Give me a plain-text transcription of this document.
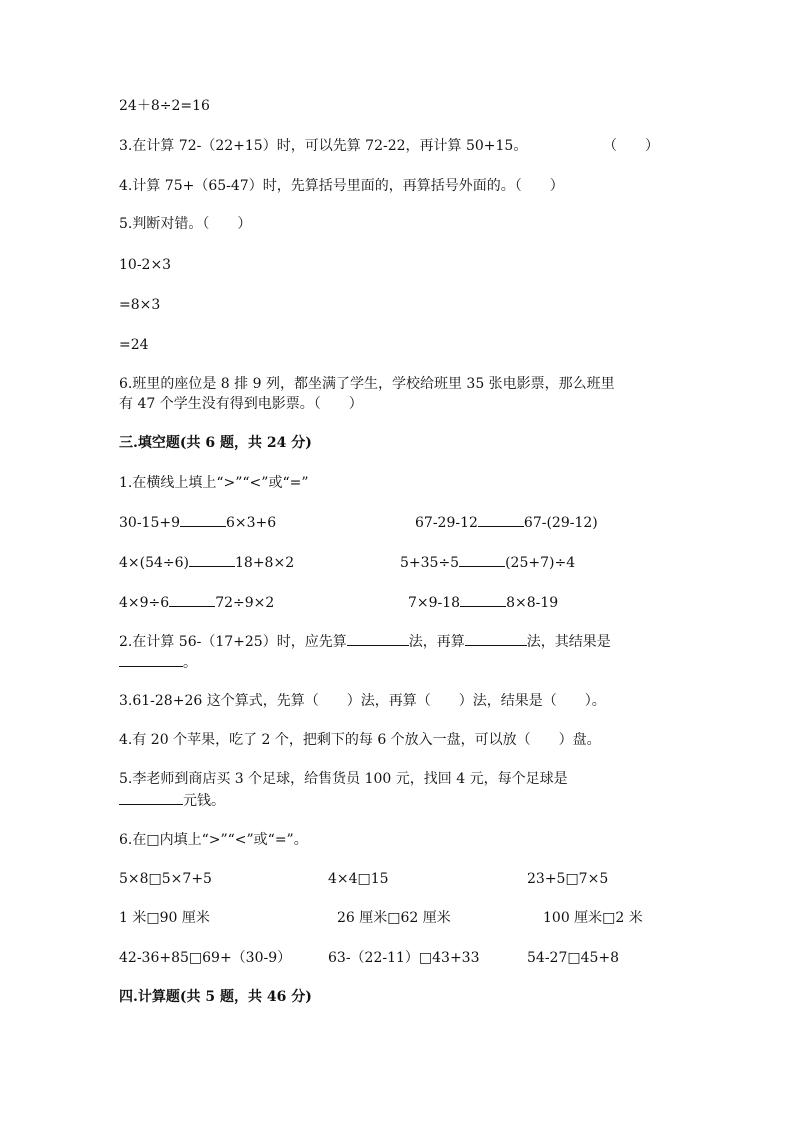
24＋8÷2=16
3.在计算 72-（22+15）时，可以先算 72-22，再计算 50+15。	（　　）
4.计算 75+（65-47）时，先算括号里面的，再算括号外面的。（　　）
5.判断对错。（　　）
10-2×3
=8×3
=24
6.班里的座位是 8 排 9 列，都坐满了学生，学校给班里 35 张电影票，那么班里
有 47 个学生没有得到电影票。（　　）
三.填空题(共 6 题，共 24 分)
1.在横线上填上“>”“<”或“=”
30-15+9	6×3+6	67-29-12	67-(29-12)
4×(54÷6)	18+8×2	5+35÷5	(25+7)÷4
4×9÷6	72÷9×2	7×9-18	8×8-19
2.在计算 56-（17+25）时，应先算	法，再算	法，其结果是
。
3.61-28+26 这个算式，先算（　　）法，再算（　　）法，结果是（　　）。
4.有 20 个苹果，吃了 2 个，把剩下的每 6 个放入一盘，可以放（　　）盘。
5.李老师到商店买 3 个足球，给售货员 100 元，找回 4 元，每个足球是
元钱。
6.在□内填上“>”“<”或“=”。
5×8□5×7+5	4×4□15	23+5□7×5
1 米□90 厘米	26 厘米□62 厘米	100 厘米□2 米
42-36+85□69+（30-9）	63-（22-11）□43+33	54-27□45+8
四.计算题(共 5 题，共 46 分)
